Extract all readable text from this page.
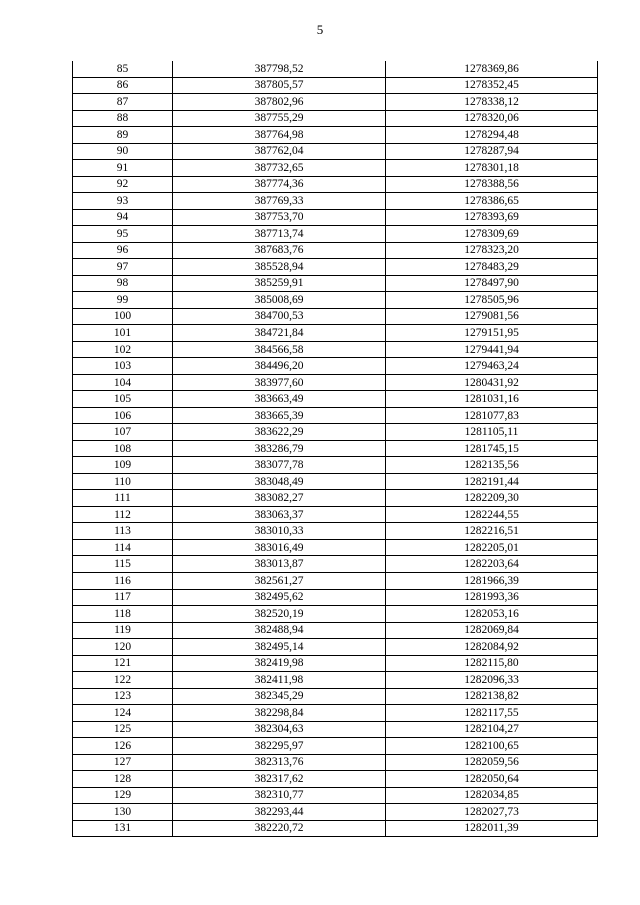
5
85	387798,52	1278369,86
86	387805,57	1278352,45
87	387802,96	1278338,12
88	387755,29	1278320,06
89	387764,98	1278294,48
90	387762,04	1278287,94
91	387732,65	1278301,18
92	387774,36	1278388,56
93	387769,33	1278386,65
94	387753,70	1278393,69
95	387713,74	1278309,69
96	387683,76	1278323,20
97	385528,94	1278483,29
98	385259,91	1278497,90
99	385008,69	1278505,96
100	384700,53	1279081,56
101	384721,84	1279151,95
102	384566,58	1279441,94
103	384496,20	1279463,24
104	383977,60	1280431,92
105	383663,49	1281031,16
106	383665,39	1281077,83
107	383622,29	1281105,11
108	383286,79	1281745,15
109	383077,78	1282135,56
110	383048,49	1282191,44
111	383082,27	1282209,30
112	383063,37	1282244,55
113	383010,33	1282216,51
114	383016,49	1282205,01
115	383013,87	1282203,64
116	382561,27	1281966,39
117	382495,62	1281993,36
118	382520,19	1282053,16
119	382488,94	1282069,84
120	382495,14	1282084,92
121	382419,98	1282115,80
122	382411,98	1282096,33
123	382345,29	1282138,82
124	382298,84	1282117,55
125	382304,63	1282104,27
126	382295,97	1282100,65
127	382313,76	1282059,56
128	382317,62	1282050,64
129	382310,77	1282034,85
130	382293,44	1282027,73
131	382220,72	1282011,39
